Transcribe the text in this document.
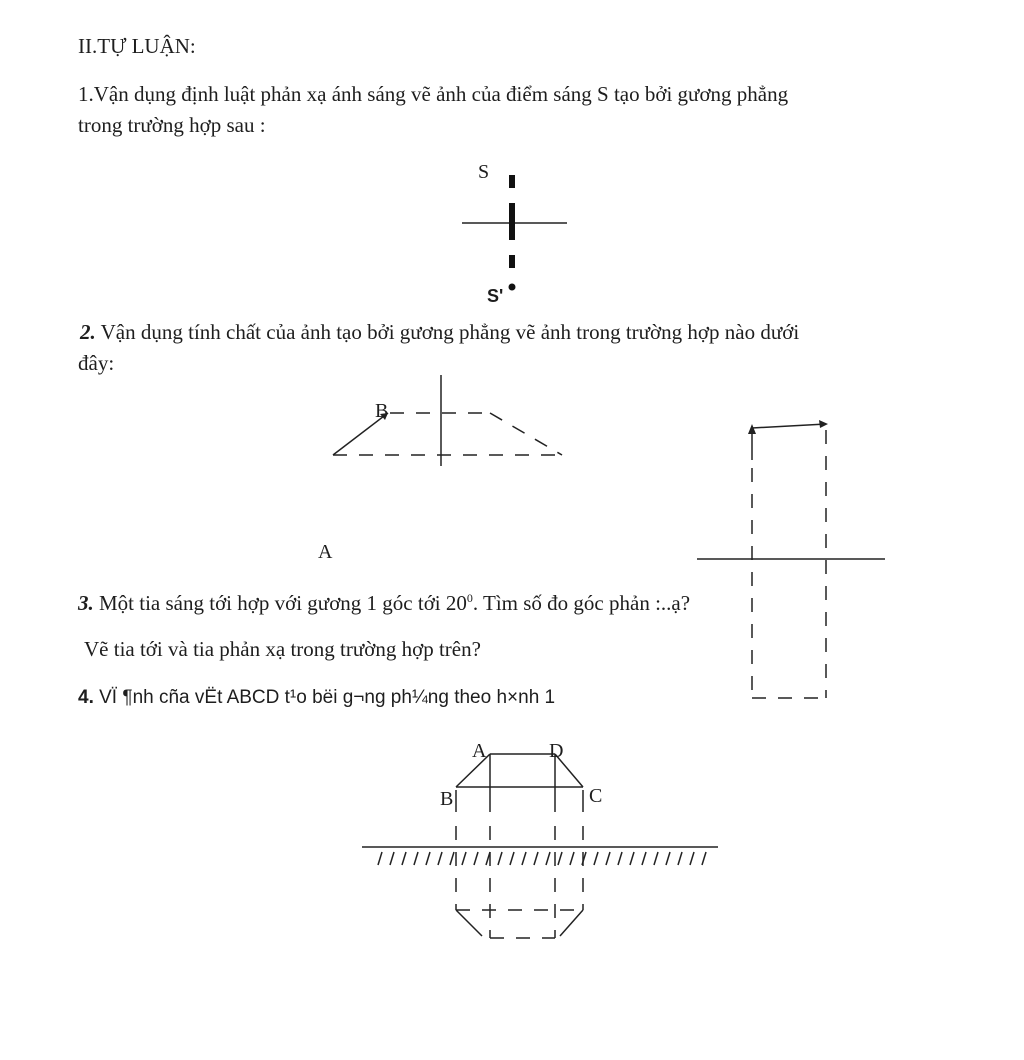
II.TỰ LUẬN:
1.Vận dụng định luật phản xạ ánh sáng vẽ ảnh của điểm sáng S tạo bởi gương phẳng
trong trường hợp sau :
2. Vận dụng tính chất của ảnh tạo bởi gương phẳng vẽ ảnh trong trường hợp nào dưới
đây:
3. Một tia sáng tới hợp với gương 1 góc tới $20^0$. Tìm số đo góc phản :..ạ?
Vẽ tia tới và tia phản xạ trong trường hợp trên?
4. VÏ ¶nh cña vËt ABCD t¹o bëi g¬ng ph¼ng theo h×nh 1
S
S'
B
A
A	D
B	C
